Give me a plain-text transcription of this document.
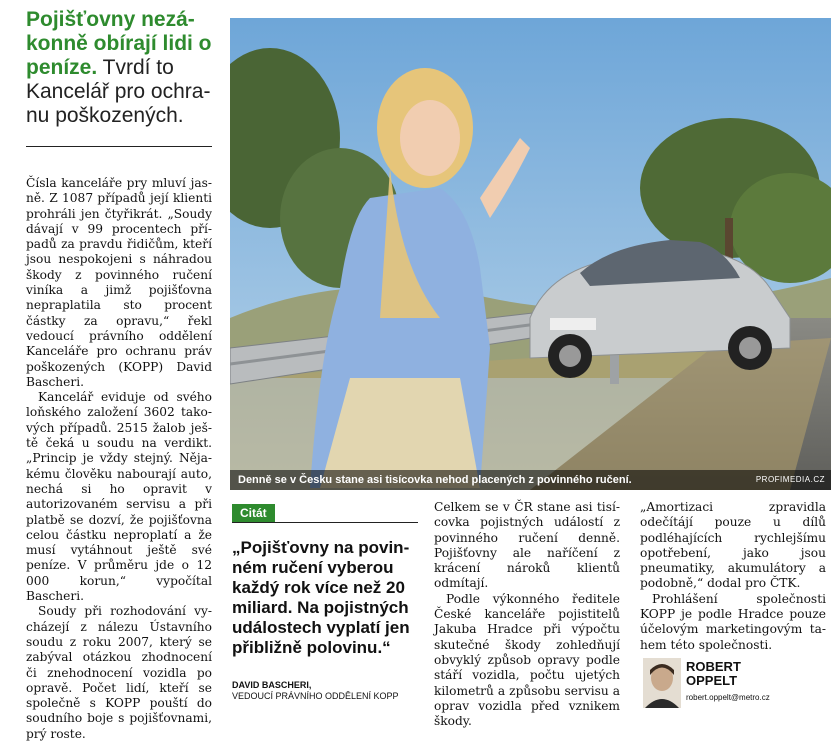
Pojišťovny nezákonně obírají lidi o peníze. Tvrdí to Kancelář pro ochranu poškozených.

Čísla kanceláře pry mluví jasně. Z 1087 případů její klienti prohráli jen čtyřikrát. „Soudy dávají v 99 procentech případů za pravdu řidičům, kteří jsou nespokojeni s náhradou škody z povinného ručení viníka a jimž pojišťovna nepraplatila sto procent částky za opravu,“ řekl vedoucí právního oddělení Kanceláře pro ochranu práv poškozených (KOPP) David Bascheri.

Kancelář eviduje od svého loňského založení 3602 takových případů. 2515 žalob ještě čeká u soudu na verdikt. „Princip je vždy stejný. Nějakému člověku nabourají auto, nechá si ho opravit v autorizovaném servisu a při platbě se dozví, že pojišťovna celou částku neproplatí a že musí vytáhnout ještě své peníze. V průměru jde o 12 000 korun,“ vypočítal Bascheri.

Soudy při rozhodování vycházejí z nálezu Ústavního soudu z roku 2007, který se zabýval otázkou zhodnocení či znehodnocení vozidla po opravě. Počet lidí, kteří se společně s KOPP pouští do soudního boje s pojišťovnami, prý roste.

Denně se v Česku stane asi tisícovka nehod placených z povinného ručení.	PROFIMEDIA.CZ
Citát
„Pojišťovny na povinném ručení vyberou každý rok více než 20 miliard. Na pojistných událostech vyplatí jen přibližně polovinu.“
DAVID BASCHERI,
VEDOUCÍ PRÁVNÍHO ODDĚLENÍ KOPP

Celkem se v ČR stane asi tisícovka pojistných událostí z povinného ručení denně. Pojišťovny ale naříčení z krácení nároků klientů odmítají.

Podle výkonného ředitele České kanceláře pojistitelů Jakuba Hradce při výpočtu skutečné škody zohledňují obvyklý způsob opravy podle stáří vozidla, počtu ujetých kilometrů a způsobu servisu a oprav vozidla před vznikem škody.

„Amortizaci zpravidla odečítájí pouze u dílů podléhajících rychlejšímu opotřebení, jako jsou pneumatiky, akumulátory a podobně,“ dodal pro ČTK.

Prohlášení společnosti KOPP je podle Hradce pouze účelovým marketingovým tahem této společnosti.

ROBERT
OPPELT
robert.oppelt@metro.cz
